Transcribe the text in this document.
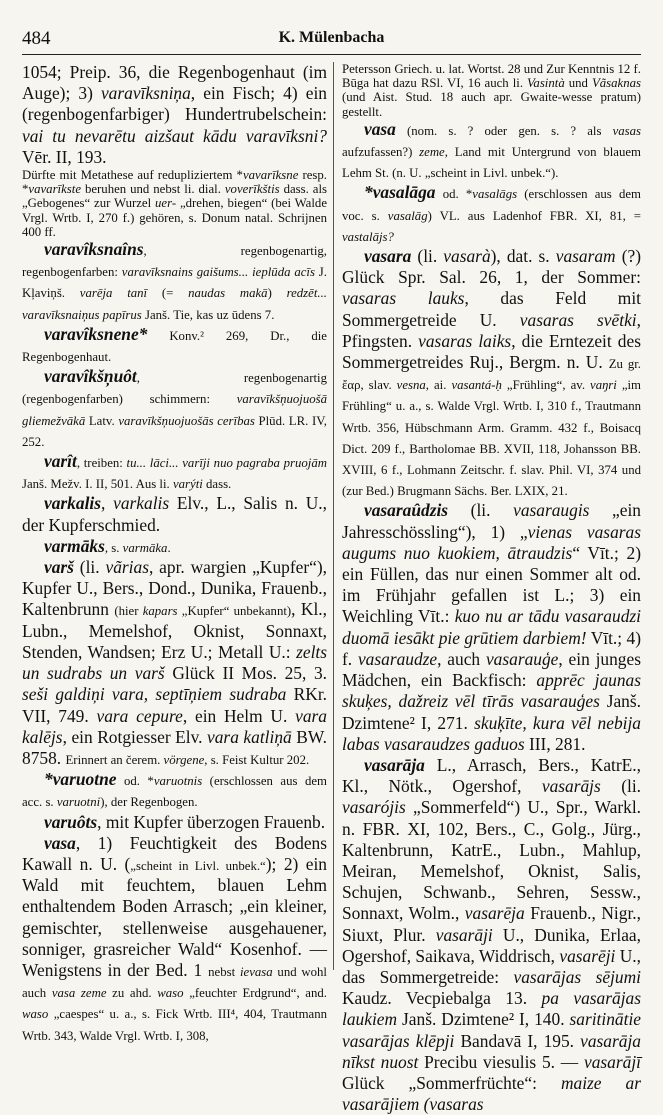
484	K. Mülenbacha

1054; Preip. 36, die Regenbogenhaut (im Auge); 3) varavīksniņa, ein Fisch; 4) ein (regenbogenfarbiger) Hundertrubelschein: vai tu nevarētu aizšaut kādu varavīksni? Vēr. II, 193.

Dürfte mit Metathese auf redupliziertem *vavarīksne resp. *vavarīkste beruhen und nebst li. dial. voverīkštis dass. als „Gebogenes“ zur Wurzel uer- „drehen, biegen“ (bei Walde Vrgl. Wrtb. I, 270 f.) gehören, s. Donum natal. Schrijnen 400 ff.

varavîksnaîns, regenbogenartig, regenbogenfarben: varavīksnains gaišums... ieplūda acīs J. Kļaviņš. varēja tanī (= naudas makā) redzēt... varavīksnaiņus papīrus Janš. Tie, kas uz ūdens 7.

varavîksnene* Konv.² 269, Dr., die Regenbogenhaut.

varavîkšņuôt, regenbogenartig (regenbogenfarben) schimmern: varavīkšņuojuošā gliemežvākā Latv. varavīkšņuojuošās cerības Plūd. LR. IV, 252.

varît, treiben: tu... lāci... varīji nuo pagraba pruojām Janš. Mežv. I. II, 501. Aus li. varýti dass.

varkalis, varkalis Elv., L., Salis n. U., der Kupferschmied.

varmāks, s. varmāka.

varš (li. vãrias, apr. wargien „Kupfer“), Kupfer U., Bers., Dond., Dunika, Frauenb., Kaltenbrunn (hier kapars „Kupfer“ unbekannt), Kl., Lubn., Memelshof, Oknist, Sonnaxt, Stenden, Wandsen; Erz U.; Metall U.: zelts un sudrabs un varš Glück II Mos. 25, 3. seši galdiņi vara, septīņiem sudraba RKr. VII, 749. vara cepure, ein Helm U. vara kalējs, ein Rotgiesser Elv. vara katliņā BW. 8758. Erinnert an čerem. vörgene, s. Feist Kultur 202.

*varuotne od. *varuotnis (erschlossen aus dem acc. s. varuotni), der Regenbogen.

varuôts, mit Kupfer überzogen Frauenb.

vasa, 1) Feuchtigkeit des Bodens Kawall n. U. („scheint in Livl. unbek.“); 2) ein Wald mit feuchtem, blauen Lehm enthaltendem Boden Arrasch; „ein kleiner, gemischter, stellenweise ausgehauener, sonniger, grasreicher Wald“ Kosenhof. — Wenigstens in der Bed. 1 nebst ievasa und wohl auch vasa zeme zu ahd. waso „feuchter Erdgrund“, and. waso „caespes“ u. a., s. Fick Wrtb. III⁴, 404, Trautmann Wrtb. 343, Walde Vrgl. Wrtb. I, 308,

Petersson Griech. u. lat. Wortst. 28 und Zur Kenntnis 12 f. Būga hat dazu RSl. VI, 16 auch li. Vasintà und Vãsaknas (und Aist. Stud. 18 auch apr. Gwaite-wesse pratum) gestellt.

vasa (nom. s. ? oder gen. s. ? als vasas aufzufassen?) zeme, Land mit Untergrund von blauem Lehm St. (n. U. „scheint in Livl. unbek.“).

*vasalāga od. *vasalāgs (erschlossen aus dem voc. s. vasalāg) VL. aus Ladenhof FBR. XI, 81, = vastalājs?

vasara (li. vasarà), dat. s. vasaram (?) Glück Spr. Sal. 26, 1, der Sommer: vasaras lauks, das Feld mit Sommergetreide U. vasaras svētki, Pfingsten. vasaras laiks, die Erntezeit des Sommergetreides Ruj., Bergm. n. U. Zu gr. ἔαρ, slav. vesna, ai. vasantá-ḥ „Frühling“, av. vaŋri „im Frühling“ u. a., s. Walde Vrgl. Wrtb. I, 310 f., Trautmann Wrtb. 356, Hübschmann Arm. Gramm. 432 f., Boisacq Dict. 209 f., Bartholomae BB. XVII, 118, Johansson BB. XVIII, 6 f., Lohmann Zeitschr. f. slav. Phil. VI, 374 und (zur Bed.) Brugmann Sächs. Ber. LXIX, 21.

vasaraûdzis (li. vasaraugis „ein Jahresschössling“), 1) „vienas vasaras augums nuo kuokiem, ātraudzis“ Vīt.; 2) ein Füllen, das nur einen Sommer alt od. im Frühjahr gefallen ist L.; 3) ein Weichling Vīt.: kuo nu ar tādu vasaraudzi duomā iesākt pie grūtiem darbiem! Vīt.; 4) f. vasaraudze, auch vasarauģe, ein junges Mädchen, ein Backfisch: apprēc jaunas skuķes, dažreiz vēl tīrās vasarauģes Janš. Dzimtene² I, 271. skuķīte, kura vēl nebija labas vasaraudzes gaduos III, 281.

vasarāja L., Arrasch, Bers., KatrE., Kl., Nötk., Ogershof, vasarājs (li. vasarójis „Sommerfeld“) U., Spr., Warkl. n. FBR. XI, 102, Bers., C., Golg., Jürg., Kaltenbrunn, KatrE., Lubn., Mahlup, Meiran, Memelshof, Oknist, Salis, Schujen, Schwanb., Sehren, Sessw., Sonnaxt, Wolm., vasarēja Frauenb., Nigr., Siuxt, Plur. vasarāji U., Dunika, Erlaa, Ogershof, Saikava, Widdrisch, vasarēji U., das Sommergetreide: vasarājas sējumi Kaudz. Vecpiebalga 13. pa vasarājas laukiem Janš. Dzimtene² I, 140. saritinātie vasarājas klēpji Bandavā I, 195. vasarāja nīkst nuost Precibu viesulis 5. — vasarājī Glück „Sommerfrüchte“: maize ar vasarājiem (vasaras
